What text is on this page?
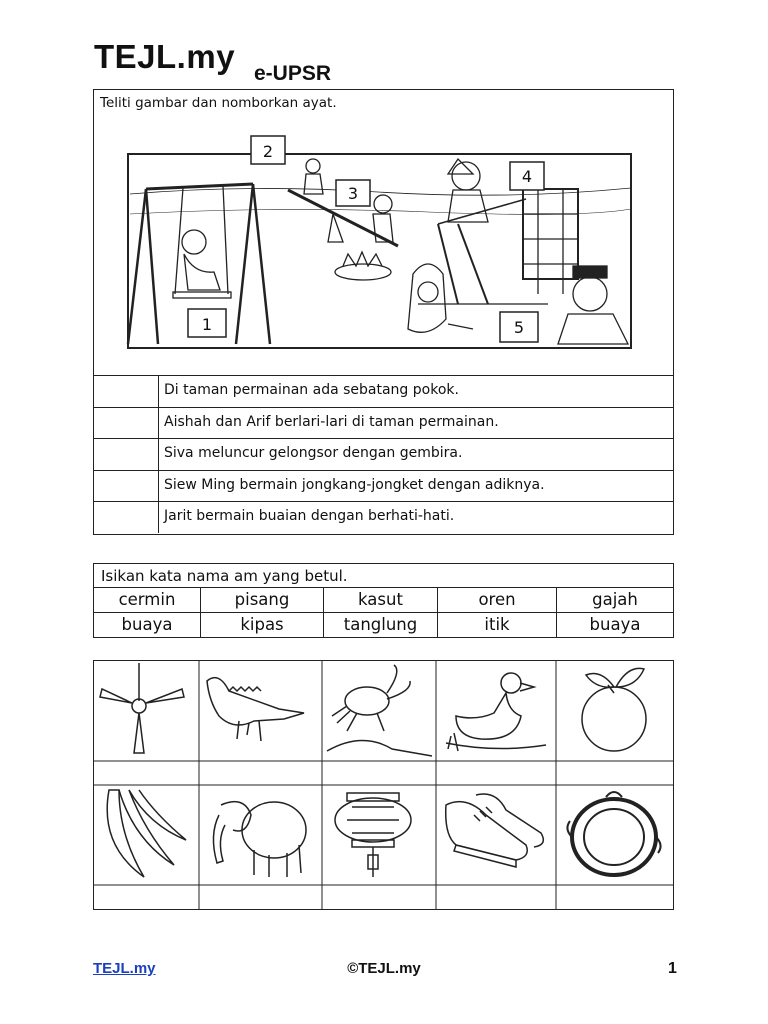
TEJL.my e-UPSR
Teliti gambar dan nomborkan ayat.
1
2
3
4
5
Di taman permainan ada sebatang pokok.
Aishah dan Arif berlari-lari di taman permainan.
Siva meluncur gelongsor dengan gembira.
Siew Ming bermain jongkang-jongket dengan adiknya.
Jarit bermain buaian dengan berhati-hati.
Isikan kata nama am yang betul.
cermin	pisang	kasut	oren	gajah
buaya	kipas	tanglung	itik	buaya
TEJL.my	©TEJL.my	1
